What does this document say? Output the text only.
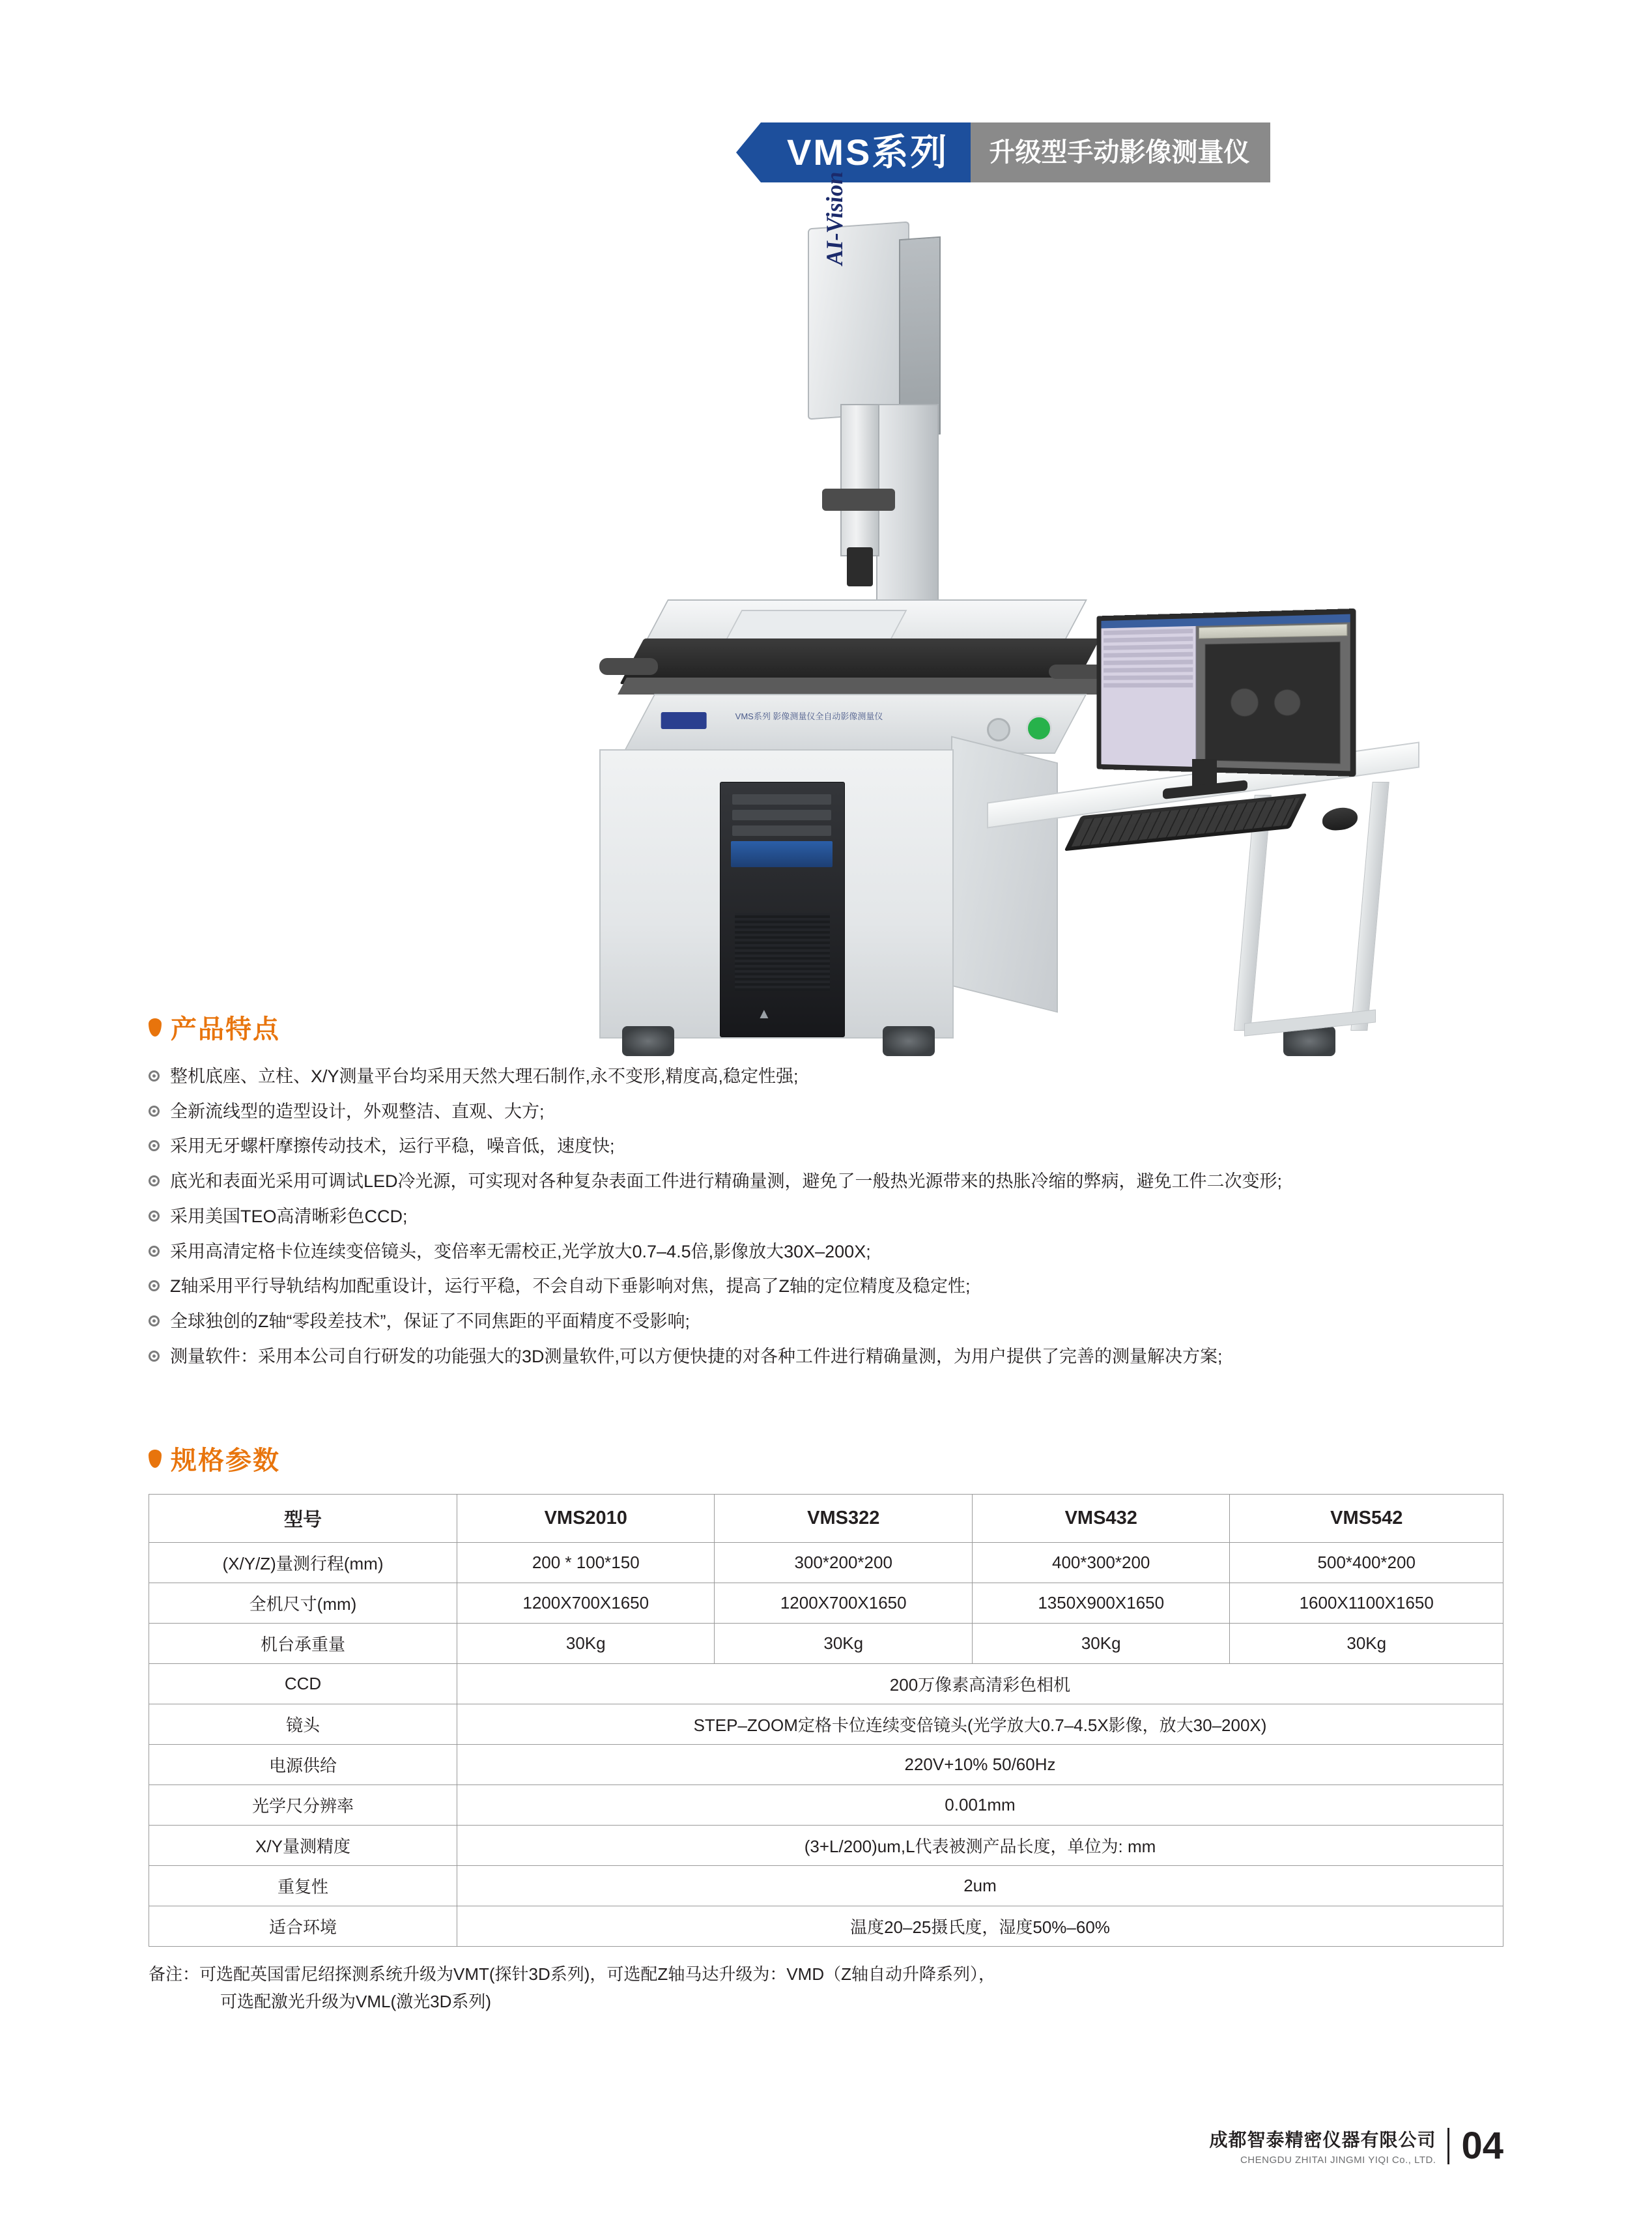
VMS系列	升级型手动影像测量仪
AI-Vision
VMS系列 影像测量仪全自动影像测量仪
▲
产品特点
整机底座、立柱、X/Y测量平台均采用天然大理石制作,永不变形,精度高,稳定性强;
全新流线型的造型设计，外观整洁、直观、大方;
采用无牙螺杆摩擦传动技术，运行平稳，噪音低，速度快;
底光和表面光采用可调试LED冷光源，可实现对各种复杂表面工件进行精确量测，避免了一般热光源带来的热胀冷缩的弊病，避免工件二次变形;
采用美国TEO高清晰彩色CCD;
采用高清定格卡位连续变倍镜头，变倍率无需校正,光学放大0.7–4.5倍,影像放大30X–200X;
Z轴采用平行导轨结构加配重设计，运行平稳，不会自动下垂影响对焦，提高了Z轴的定位精度及稳定性;
全球独创的Z轴“零段差技术”，保证了不同焦距的平面精度不受影响;
测量软件：采用本公司自行研发的功能强大的3D测量软件,可以方便快捷的对各种工件进行精确量测，为用户提供了完善的测量解决方案;
规格参数
型号	VMS2010	VMS322	VMS432	VMS542
(X/Y/Z)量测行程(mm)	200 * 100*150	300*200*200	400*300*200	500*400*200
全机尺寸(mm)	1200X700X1650	1200X700X1650	1350X900X1650	1600X1100X1650
机台承重量	30Kg	30Kg	30Kg	30Kg
CCD	200万像素高清彩色相机			
镜头	STEP–ZOOM定格卡位连续变倍镜头(光学放大0.7–4.5X影像，放大30–200X)			
电源供给	220V+10% 50/60Hz			
光学尺分辨率	0.001mm			
X/Y量测精度	(3+L/200)um,L代表被测产品长度，单位为: mm			
重复性	2um			
适合环境	温度20–25摄氏度，湿度50%–60%			
备注：可选配英国雷尼绍探测系统升级为VMT(探针3D系列)，可选配Z轴马达升级为：VMD（Z轴自动升降系列），
可选配激光升级为VML(激光3D系列)
成都智泰精密仪器有限公司
CHENGDU ZHITAI JINGMI YIQI Co., LTD. 04
